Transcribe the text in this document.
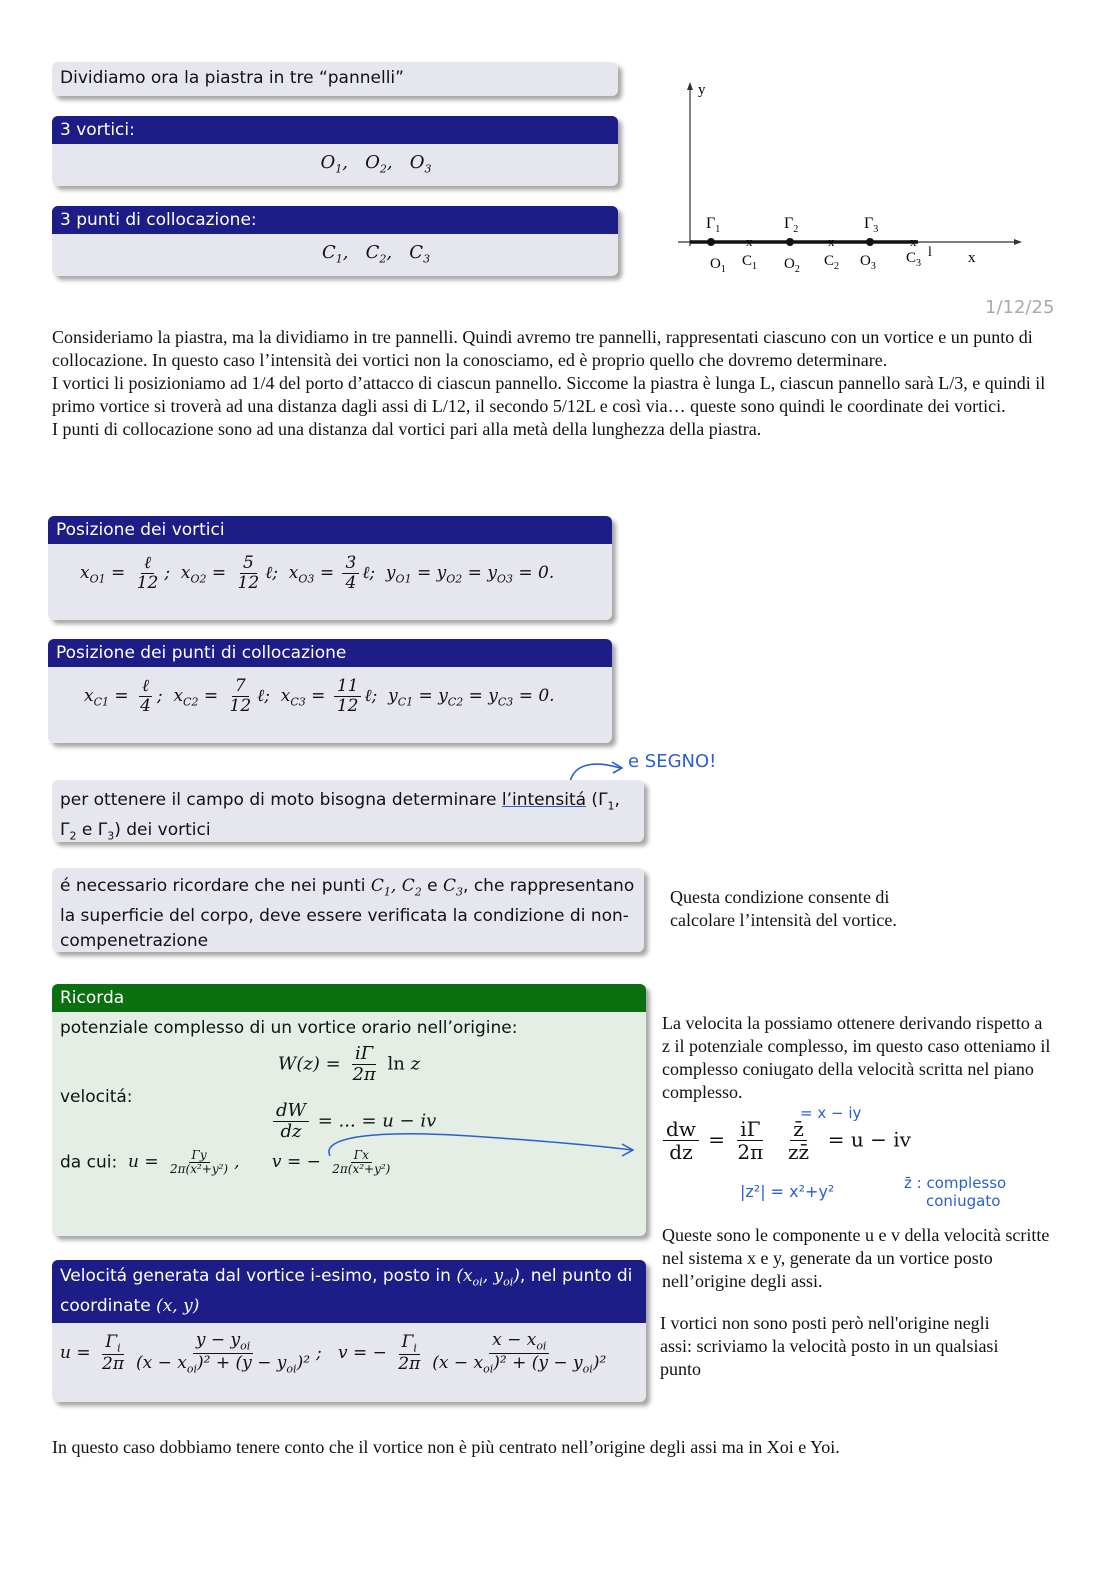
Dividiamo ora la piastra in tre “pannelli”
3 vortici:
$O_1$,   $O_2$,   $O_3$
3 punti di collocazione:
$C_1$,   $C_2$,   $C_3$
y
x
l
$\Gamma_1$	$\Gamma_2$	$\Gamma_3$
x	x	x
$O_1$
$C_1$ $O_2$
$C_2$ $O_3$
$C_3$
1/12/25
Consideriamo la piastra, ma la dividiamo in tre pannelli. Quindi avremo tre pannelli, rappresentati ciascuno con un vortice e un punto di collocazione. In questo caso l’intensità dei vortici non la conosciamo, ed è proprio quello che dovremo determinare.
I vortici li posizioniamo ad 1/4 del porto d’attacco di ciascun pannello. Siccome la piastra è lunga L, ciascun pannello sarà L/3, e quindi il primo vortice si troverà ad una distanza dagli assi di L/12, il secondo 5/12L e così via… queste sono quindi le coordinate dei vortici.
I punti di collocazione sono ad una distanza dal vortici pari alla metà della lunghezza della piastra.
Posizione dei vortici
$x_{O1} = \frac{\text{ℓ}}{12}$ ;  $x_{O2} = \frac{5}{12}$ ℓ;  $x_{O3} = \frac{3}{4}$ ℓ;  $y_{O1} = y_{O2} = y_{O3} = 0$.
Posizione dei punti di collocazione
$x_{C1} = \frac{\text{ℓ}}{4}$ ;  $x_{C2} = \frac{7}{12}$ ℓ;  $x_{C3} = \frac{11}{12}$ ℓ;  $y_{C1} = y_{C2} = y_{C3} = 0$.
e SEGNO!
per ottenere il campo di moto bisogna determinare l’intensitá ($\Gamma_1$, $\Gamma_2$ e $\Gamma_3$) dei vortici
é necessario ricordare che nei punti $C_1$, $C_2$ e $C_3$, che rappresentano la superficie del corpo, deve essere verificata la condizione di non-compenetrazione
Questa condizione consente di calcolare l’intensità del vortice.
Ricorda
potenziale complesso di un vortice orario nell’origine:
$W(z) = \frac{i\Gamma}{2\pi}$ ln z
velocitá:
$\frac{dW}{dz}$ = ... = u − iv
da cui:  $u = \frac{\Gamma y}{\text{2π(x²+y²)}}$ ,      v = − $\frac{\Gamma x}{\text{2π(x²+y²)}}$
Velocitá generata dal vortice i-esimo, posto in ($x_{oi}$, $y_{oi}$), nel punto di coordinate (x, y)
$u = \frac{\Gamma_i}{2\pi} \frac{y - y_{oi}}{(x - x_{oi})^2 + (y - y_{oi})^2}$ ;   v = − $\frac{\Gamma_i}{2\pi} \frac{x - x_{oi}}{(x - x_{oi})^2 + (y - y_{oi})^2}$
La velocita la possiamo ottenere derivando rispetto a z il potenziale complesso, im questo caso otteniamo il complesso coniugato della velocità scritta nel piano complesso.
$\frac{dw}{dz} = \frac{i\Gamma}{2\pi}$
$\frac{z̄}{zz̄} = u$ − iv
= x − iy
|z²| = x²+y²	z̄ : complesso
coniugato
Queste sono le componente u e v della velocità scritte nel sistema x e y, generate da un vortice posto nell’origine degli assi.
I vortici non sono posti però nell'origine negli assi: scriviamo la velocità posto in un qualsiasi punto
In questo caso dobbiamo tenere conto che il vortice non è più centrato nell’origine degli assi ma in Xoi e Yoi.
